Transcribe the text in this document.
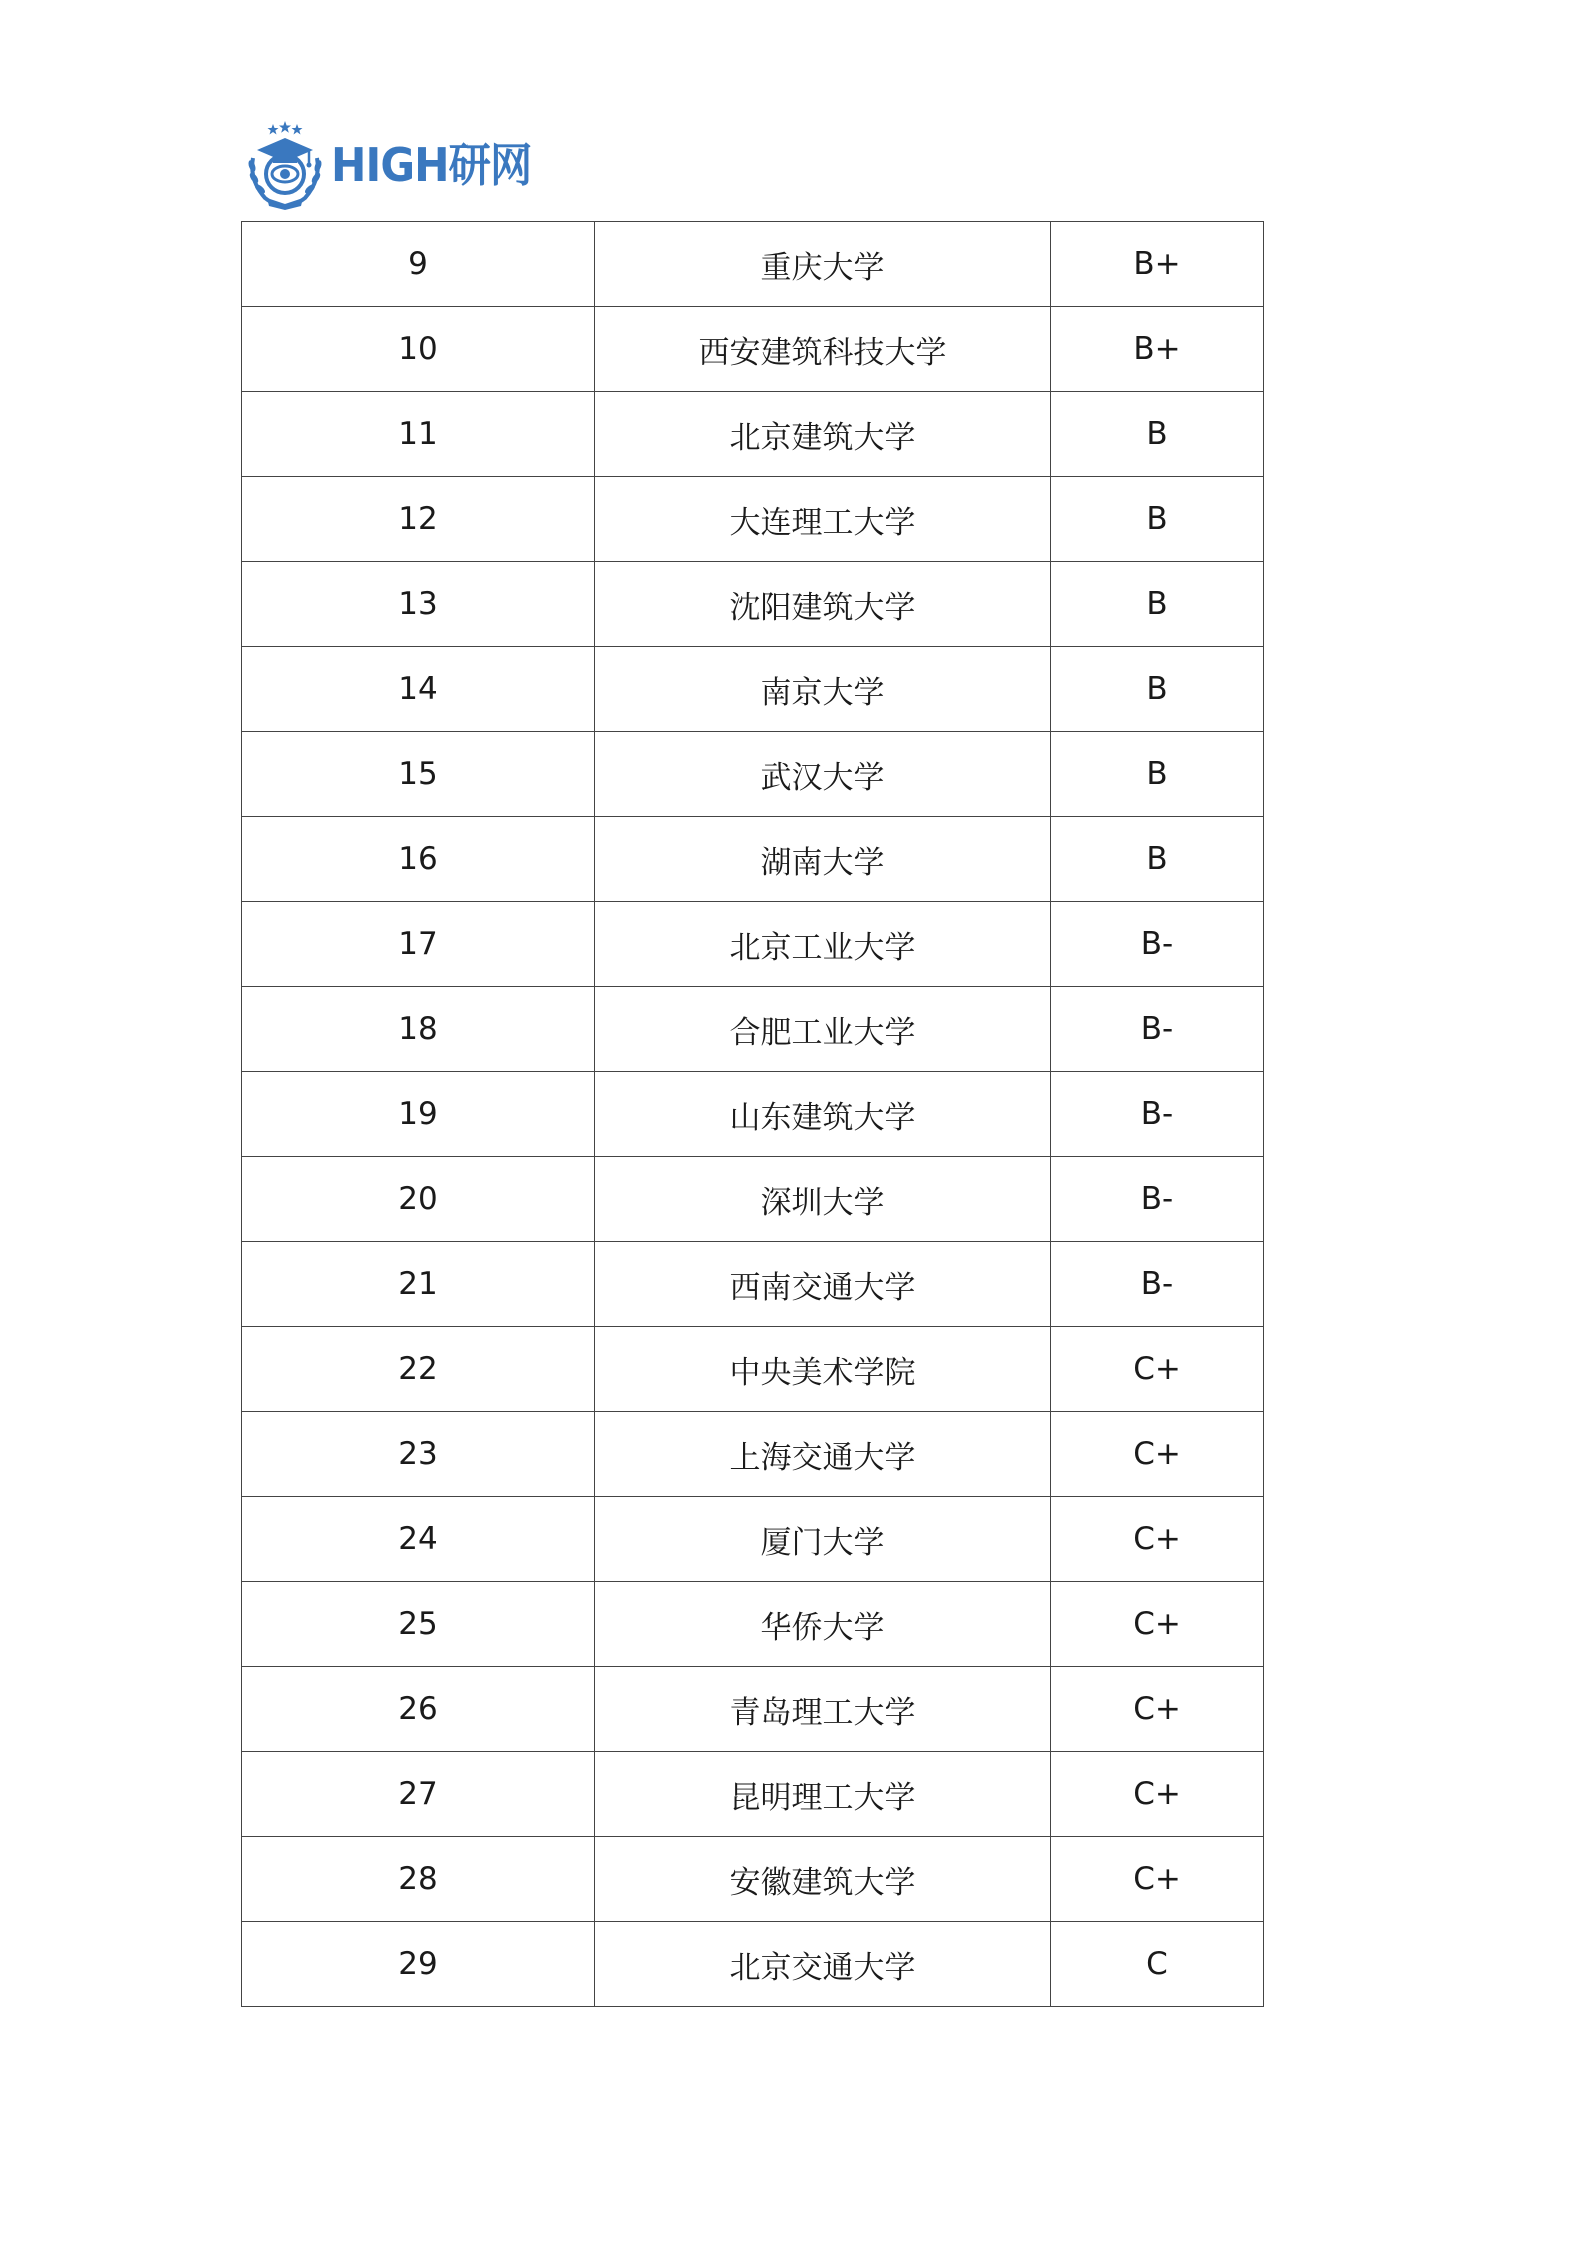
HIGH研网
9	重庆大学	B+
10	西安建筑科技大学	B+
11	北京建筑大学	B
12	大连理工大学	B
13	沈阳建筑大学	B
14	南京大学	B
15	武汉大学	B
16	湖南大学	B
17	北京工业大学	B-
18	合肥工业大学	B-
19	山东建筑大学	B-
20	深圳大学	B-
21	西南交通大学	B-
22	中央美术学院	C+
23	上海交通大学	C+
24	厦门大学	C+
25	华侨大学	C+
26	青岛理工大学	C+
27	昆明理工大学	C+
28	安徽建筑大学	C+
29	北京交通大学	C
